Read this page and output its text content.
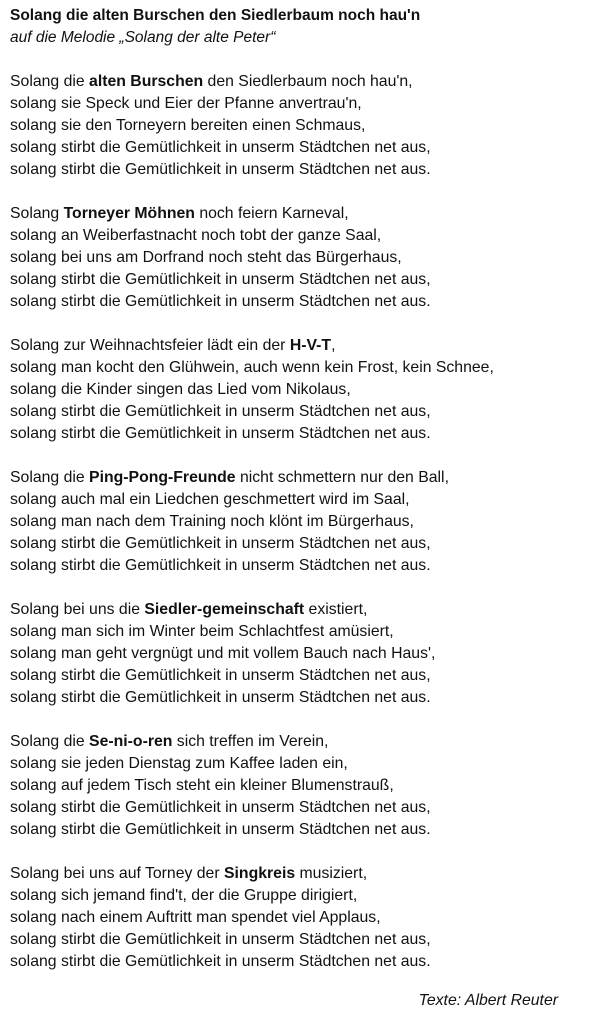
Solang die alten Burschen den Siedlerbaum noch hau'n
auf die Melodie „Solang der alte Peter“
Solang die alten Burschen den Siedlerbaum noch hau'n,
solang sie Speck und Eier der Pfanne anvertrau'n,
solang sie den Torneyern bereiten einen Schmaus,
solang stirbt die Gemütlichkeit in unserm Städtchen net aus,
solang stirbt die Gemütlichkeit in unserm Städtchen net aus.
Solang Torneyer Möhnen noch feiern Karneval,
solang an Weiberfastnacht noch tobt der ganze Saal,
solang bei uns am Dorfrand noch steht das Bürgerhaus,
solang stirbt die Gemütlichkeit in unserm Städtchen net aus,
solang stirbt die Gemütlichkeit in unserm Städtchen net aus.
Solang zur Weihnachtsfeier lädt ein der H-V-T,
solang man kocht den Glühwein, auch wenn kein Frost, kein Schnee,
solang die Kinder singen das Lied vom Nikolaus,
solang stirbt die Gemütlichkeit in unserm Städtchen net aus,
solang stirbt die Gemütlichkeit in unserm Städtchen net aus.
Solang die Ping-Pong-Freunde nicht schmettern nur den Ball,
solang auch mal ein Liedchen geschmettert wird im Saal,
solang man nach dem Training noch klönt im Bürgerhaus,
solang stirbt die Gemütlichkeit in unserm Städtchen net aus,
solang stirbt die Gemütlichkeit in unserm Städtchen net aus.
Solang bei uns die Siedler-gemeinschaft existiert,
solang man sich im Winter beim Schlachtfest amüsiert,
solang man geht vergnügt und mit vollem Bauch nach Haus',
solang stirbt die Gemütlichkeit in unserm Städtchen net aus,
solang stirbt die Gemütlichkeit in unserm Städtchen net aus.
Solang die Se-ni-o-ren sich treffen im Verein,
solang sie jeden Dienstag zum Kaffee laden ein,
solang auf jedem Tisch steht ein kleiner Blumenstrauß,
solang stirbt die Gemütlichkeit in unserm Städtchen net aus,
solang stirbt die Gemütlichkeit in unserm Städtchen net aus.
Solang bei uns auf Torney der Singkreis musiziert,
solang sich jemand find't, der die Gruppe dirigiert,
solang nach einem Auftritt man spendet viel Applaus,
solang stirbt die Gemütlichkeit in unserm Städtchen net aus,
solang stirbt die Gemütlichkeit in unserm Städtchen net aus.
Texte: Albert Reuter
